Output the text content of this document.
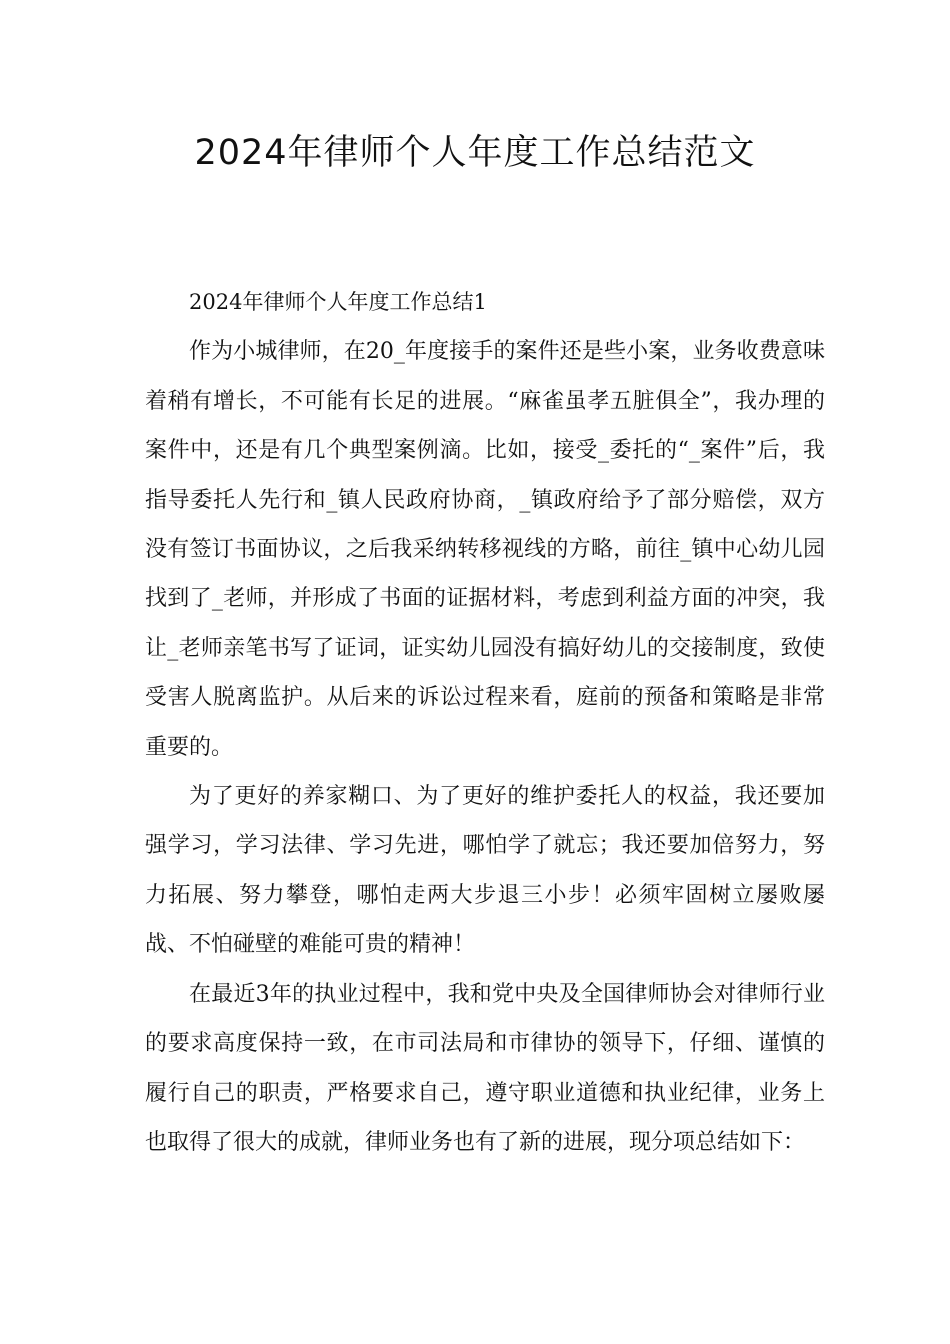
2024年律师个人年度工作总结范文

2024年律师个人年度工作总结1

作为小城律师，在20_年度接手的案件还是些小案，业务收费意味着稍有增长，不可能有长足的进展。“麻雀虽孝五脏俱全”，我办理的案件中，还是有几个典型案例滴。比如，接受_委托的“_案件”后，我指导委托人先行和_镇人民政府协商，_镇政府给予了部分赔偿，双方没有签订书面协议，之后我采纳转移视线的方略，前往_镇中心幼儿园找到了_老师，并形成了书面的证据材料，考虑到利益方面的冲突，我让_老师亲笔书写了证词，证实幼儿园没有搞好幼儿的交接制度，致使受害人脱离监护。从后来的诉讼过程来看，庭前的预备和策略是非常重要的。

为了更好的养家糊口、为了更好的维护委托人的权益，我还要加强学习，学习法律、学习先进，哪怕学了就忘；我还要加倍努力，努力拓展、努力攀登，哪怕走两大步退三小步！必须牢固树立屡败屡战、不怕碰壁的难能可贵的精神！

在最近3年的执业过程中，我和党中央及全国律师协会对律师行业的要求高度保持一致，在市司法局和市律协的领导下，仔细、谨慎的履行自己的职责，严格要求自己，遵守职业道德和执业纪律，业务上也取得了很大的成就，律师业务也有了新的进展，现分项总结如下：
